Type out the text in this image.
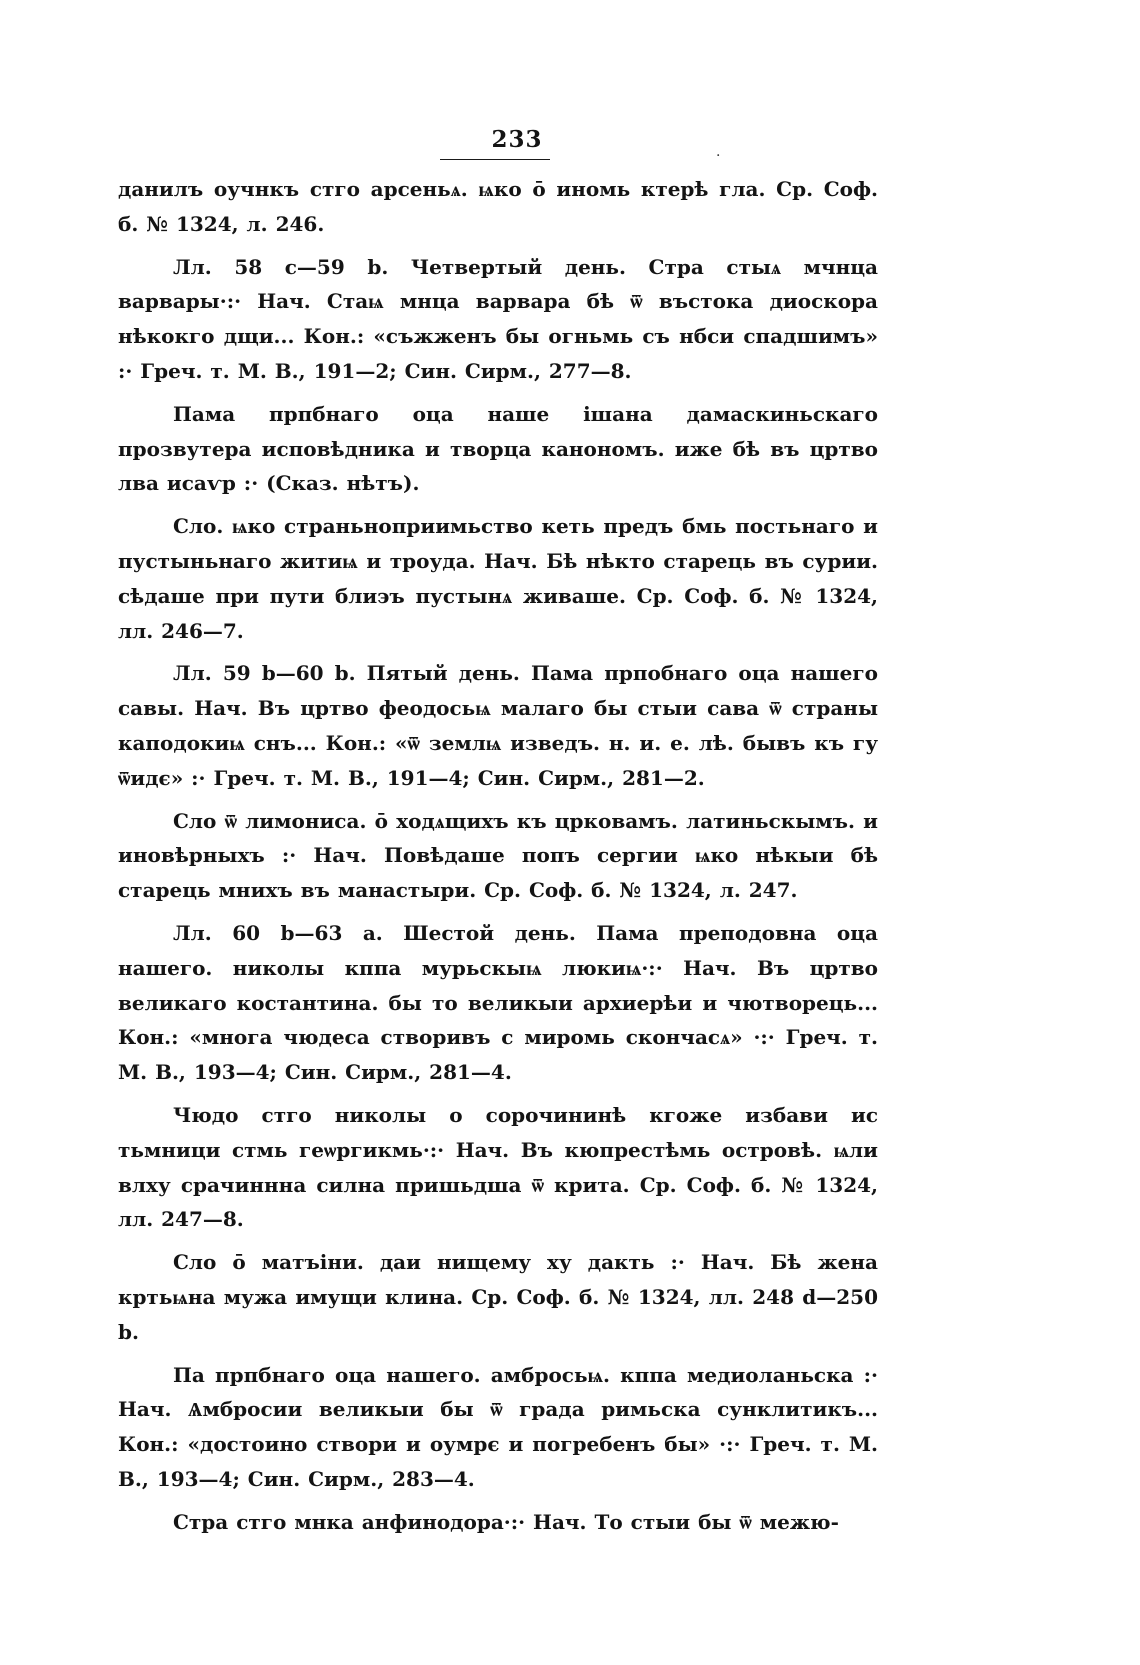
·
233

данилъ оучнкъ стго арсеньѧ. ѩко ō иномь ктерѣ гла. Ср. Соф. б. № 1324, л. 246.

Лл. 58 c—59 b. Четвертый день. Стра стыѧ мчнца варвары·:· Нач. Стаѩ мнца варвара бѣ ѿ въстока диоскора нѣкокго дщи... Кон.: «съжженъ бы огньмь съ нбси спадшимъ» :· Греч. т. М. В., 191—2; Син. Сирм., 277—8.

Пама прпбнаго оца наше ішана дамаскиньскаго прозвутера исповѣдника и творца канономъ. иже бѣ въ цртво лва исаѵр :· (Сказ. нѣтъ).

Сло. ѩко страньноприимьство кеть предъ бмь постьнаго и пустыньнаго житиѩ и троуда. Нач. Бѣ нѣкто старець въ сурии. сѣдаше при пути блиэъ пустынѧ живаше. Ср. Соф. б. № 1324, лл. 246—7.

Лл. 59 b—60 b. Пятый день. Пама прпобнаго оца нашего савы. Нач. Въ цртво феодосьѩ малаго бы стыи сава ѿ страны каподокиѩ снъ... Кон.: «ѿ землѩ изведъ. н. и. е. лѣ. бывъ къ гу ѿидє» :· Греч. т. М. В., 191—4; Син. Сирм., 281—2.

Сло ѿ лимониса. ō ходѧщихъ къ црковамъ. латиньскымъ. и иновѣрныхъ :· Нач. Повѣдаше попъ сергии ѩко нѣкыи бѣ старець мнихъ въ манастыри. Ср. Соф. б. № 1324, л. 247.

Лл. 60 b—63 a. Шестой день. Пама преподовна оца нашего. николы кппа мурьскыѩ люкиѩ·:· Нач. Въ цртво великаго костантина. бы то великыи архиерѣи и чютворець... Кон.: «многа чюдеса створивъ с миромь скончасѧ» ·:· Греч. т. М. В., 193—4; Син. Сирм., 281—4.

Чюдо стго николы о сорочининѣ кгоже избави ис тьмници стмь геѡргикмь·:· Нач. Въ кюпрестѣмь островѣ. ѩли влху срачиннна силна пришьдша ѿ крита. Ср. Соф. б. № 1324, лл. 247—8.

Сло ō матъіни. даи нищему ху дакть :· Нач. Бѣ жена кртьѩна мужа имущи клина. Ср. Соф. б. № 1324, лл. 248 d—250 b.

Па прпбнаго оца нашего. амбросьѩ. кппа медиоланьска :· Нач. Ѧмбросии великыи бы ѿ града римьска сунклитикъ... Кон.: «достоино створи и оумрє и погребенъ бы» ·:· Греч. т. М. В., 193—4; Син. Сирм., 283—4.

Стра стго мнка анфинодора·:· Нач. То стыи бы ѿ межю-
